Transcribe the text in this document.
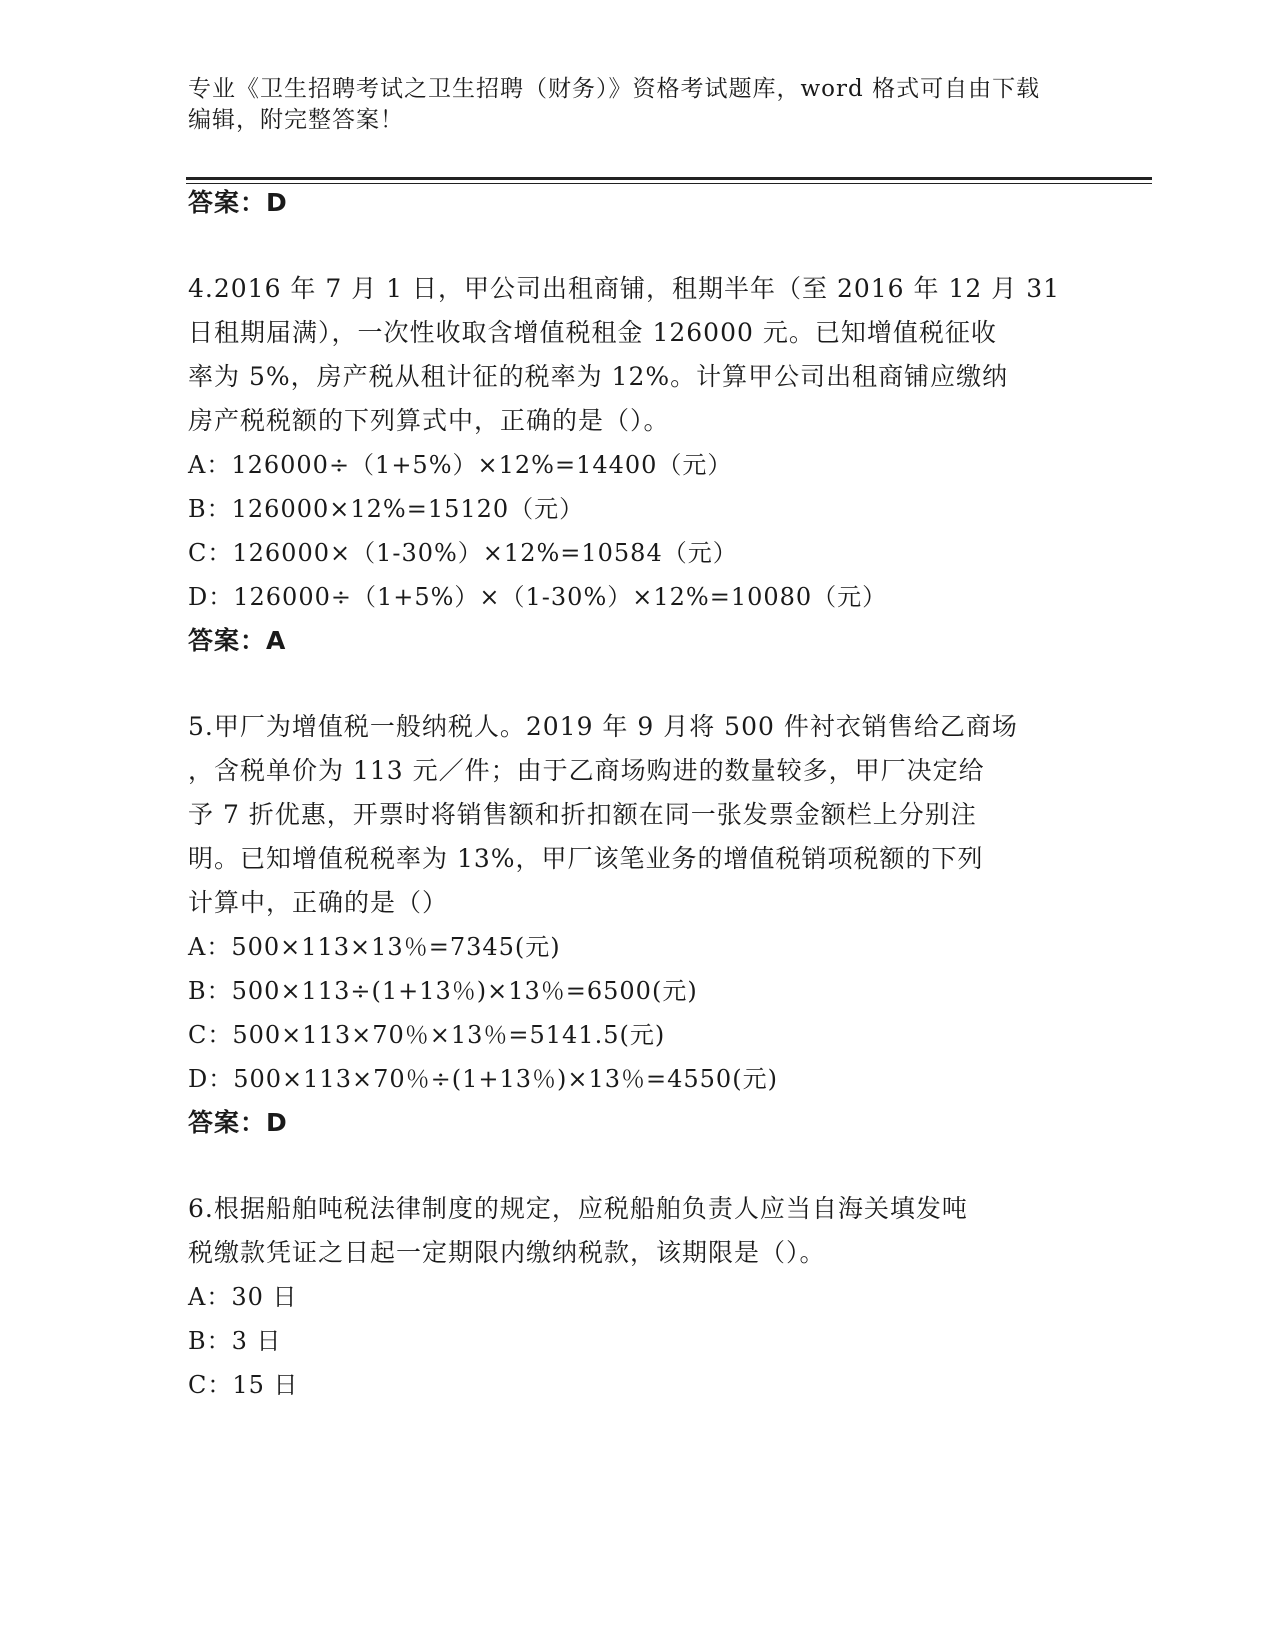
专业《卫生招聘考试之卫生招聘（财务）》资格考试题库，word 格式可自由下载
编辑，附完整答案！
答案：D
4.2016 年 7 月 1 日，甲公司出租商铺，租期半年（至 2016 年 12 月 31
日租期届满），一次性收取含增值税租金 126000 元。已知增值税征收
率为 5%，房产税从租计征的税率为 12%。计算甲公司出租商铺应缴纳
房产税税额的下列算式中，正确的是（）。
A：126000÷（1+5%）×12%=14400（元）
B：126000×12%=15120（元）
C：126000×（1-30%）×12%=10584（元）
D：126000÷（1+5%）×（1-30%）×12%=10080（元）
答案：A
5.甲厂为增值税一般纳税人。2019 年 9 月将 500 件衬衣销售给乙商场
，含税单价为 113 元／件；由于乙商场购进的数量较多，甲厂决定给
予 7 折优惠，开票时将销售额和折扣额在同一张发票金额栏上分别注
明。已知增值税税率为 13%，甲厂该笔业务的增值税销项税额的下列
计算中，正确的是（）
A：500×113×13％=7345(元)
B：500×113÷(1+13％)×13％=6500(元)
C：500×113×70％×13％=5141.5(元)
D：500×113×70％÷(1+13％)×13％=4550(元)
答案：D
6.根据船舶吨税法律制度的规定，应税船舶负责人应当自海关填发吨
税缴款凭证之日起一定期限内缴纳税款，该期限是（）。
A：30 日
B：3 日
C：15 日
